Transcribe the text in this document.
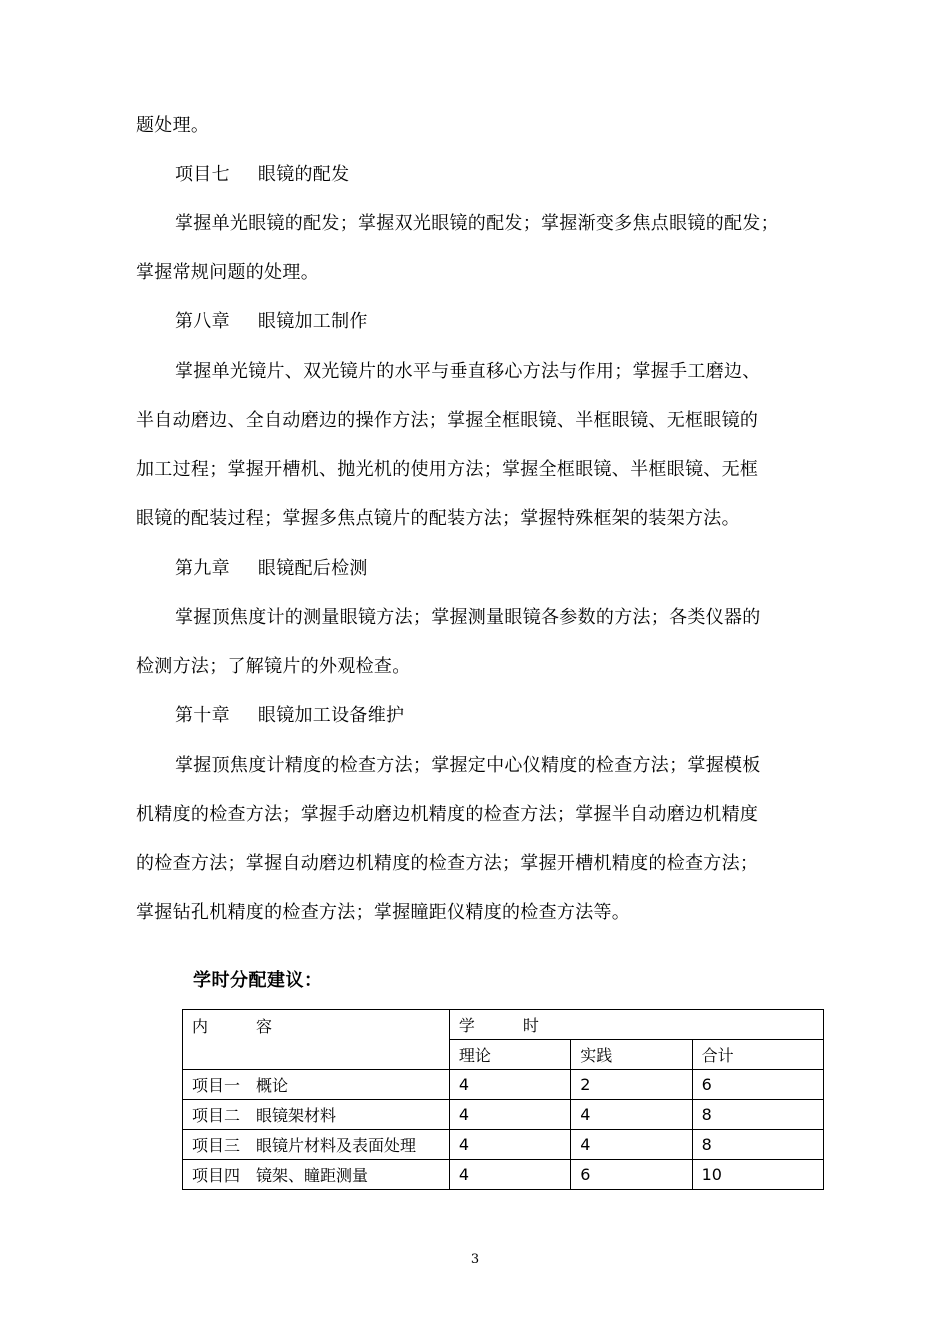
题处理。
项目七 眼镜的配发
掌握单光眼镜的配发；掌握双光眼镜的配发；掌握渐变多焦点眼镜的配发；
掌握常规问题的处理。
第八章 眼镜加工制作
掌握单光镜片、双光镜片的水平与垂直移心方法与作用；掌握手工磨边、
半自动磨边、全自动磨边的操作方法；掌握全框眼镜、半框眼镜、无框眼镜的
加工过程；掌握开槽机、抛光机的使用方法；掌握全框眼镜、半框眼镜、无框
眼镜的配装过程；掌握多焦点镜片的配装方法；掌握特殊框架的装架方法。
第九章 眼镜配后检测
掌握顶焦度计的测量眼镜方法；掌握测量眼镜各参数的方法；各类仪器的
检测方法；了解镜片的外观检查。
第十章 眼镜加工设备维护
掌握顶焦度计精度的检查方法；掌握定中心仪精度的检查方法；掌握模板
机精度的检查方法；掌握手动磨边机精度的检查方法；掌握半自动磨边机精度
的检查方法；掌握自动磨边机精度的检查方法；掌握开槽机精度的检查方法；
掌握钻孔机精度的检查方法；掌握瞳距仪精度的检查方法等。
学时分配建议：
内　　　容	学　　　时		
	理论	实践	合计
项目一　概论	4	2	6
项目二　眼镜架材料	4	4	8
项目三　眼镜片材料及表面处理	4	4	8
项目四　镜架、瞳距测量	4	6	10
3
